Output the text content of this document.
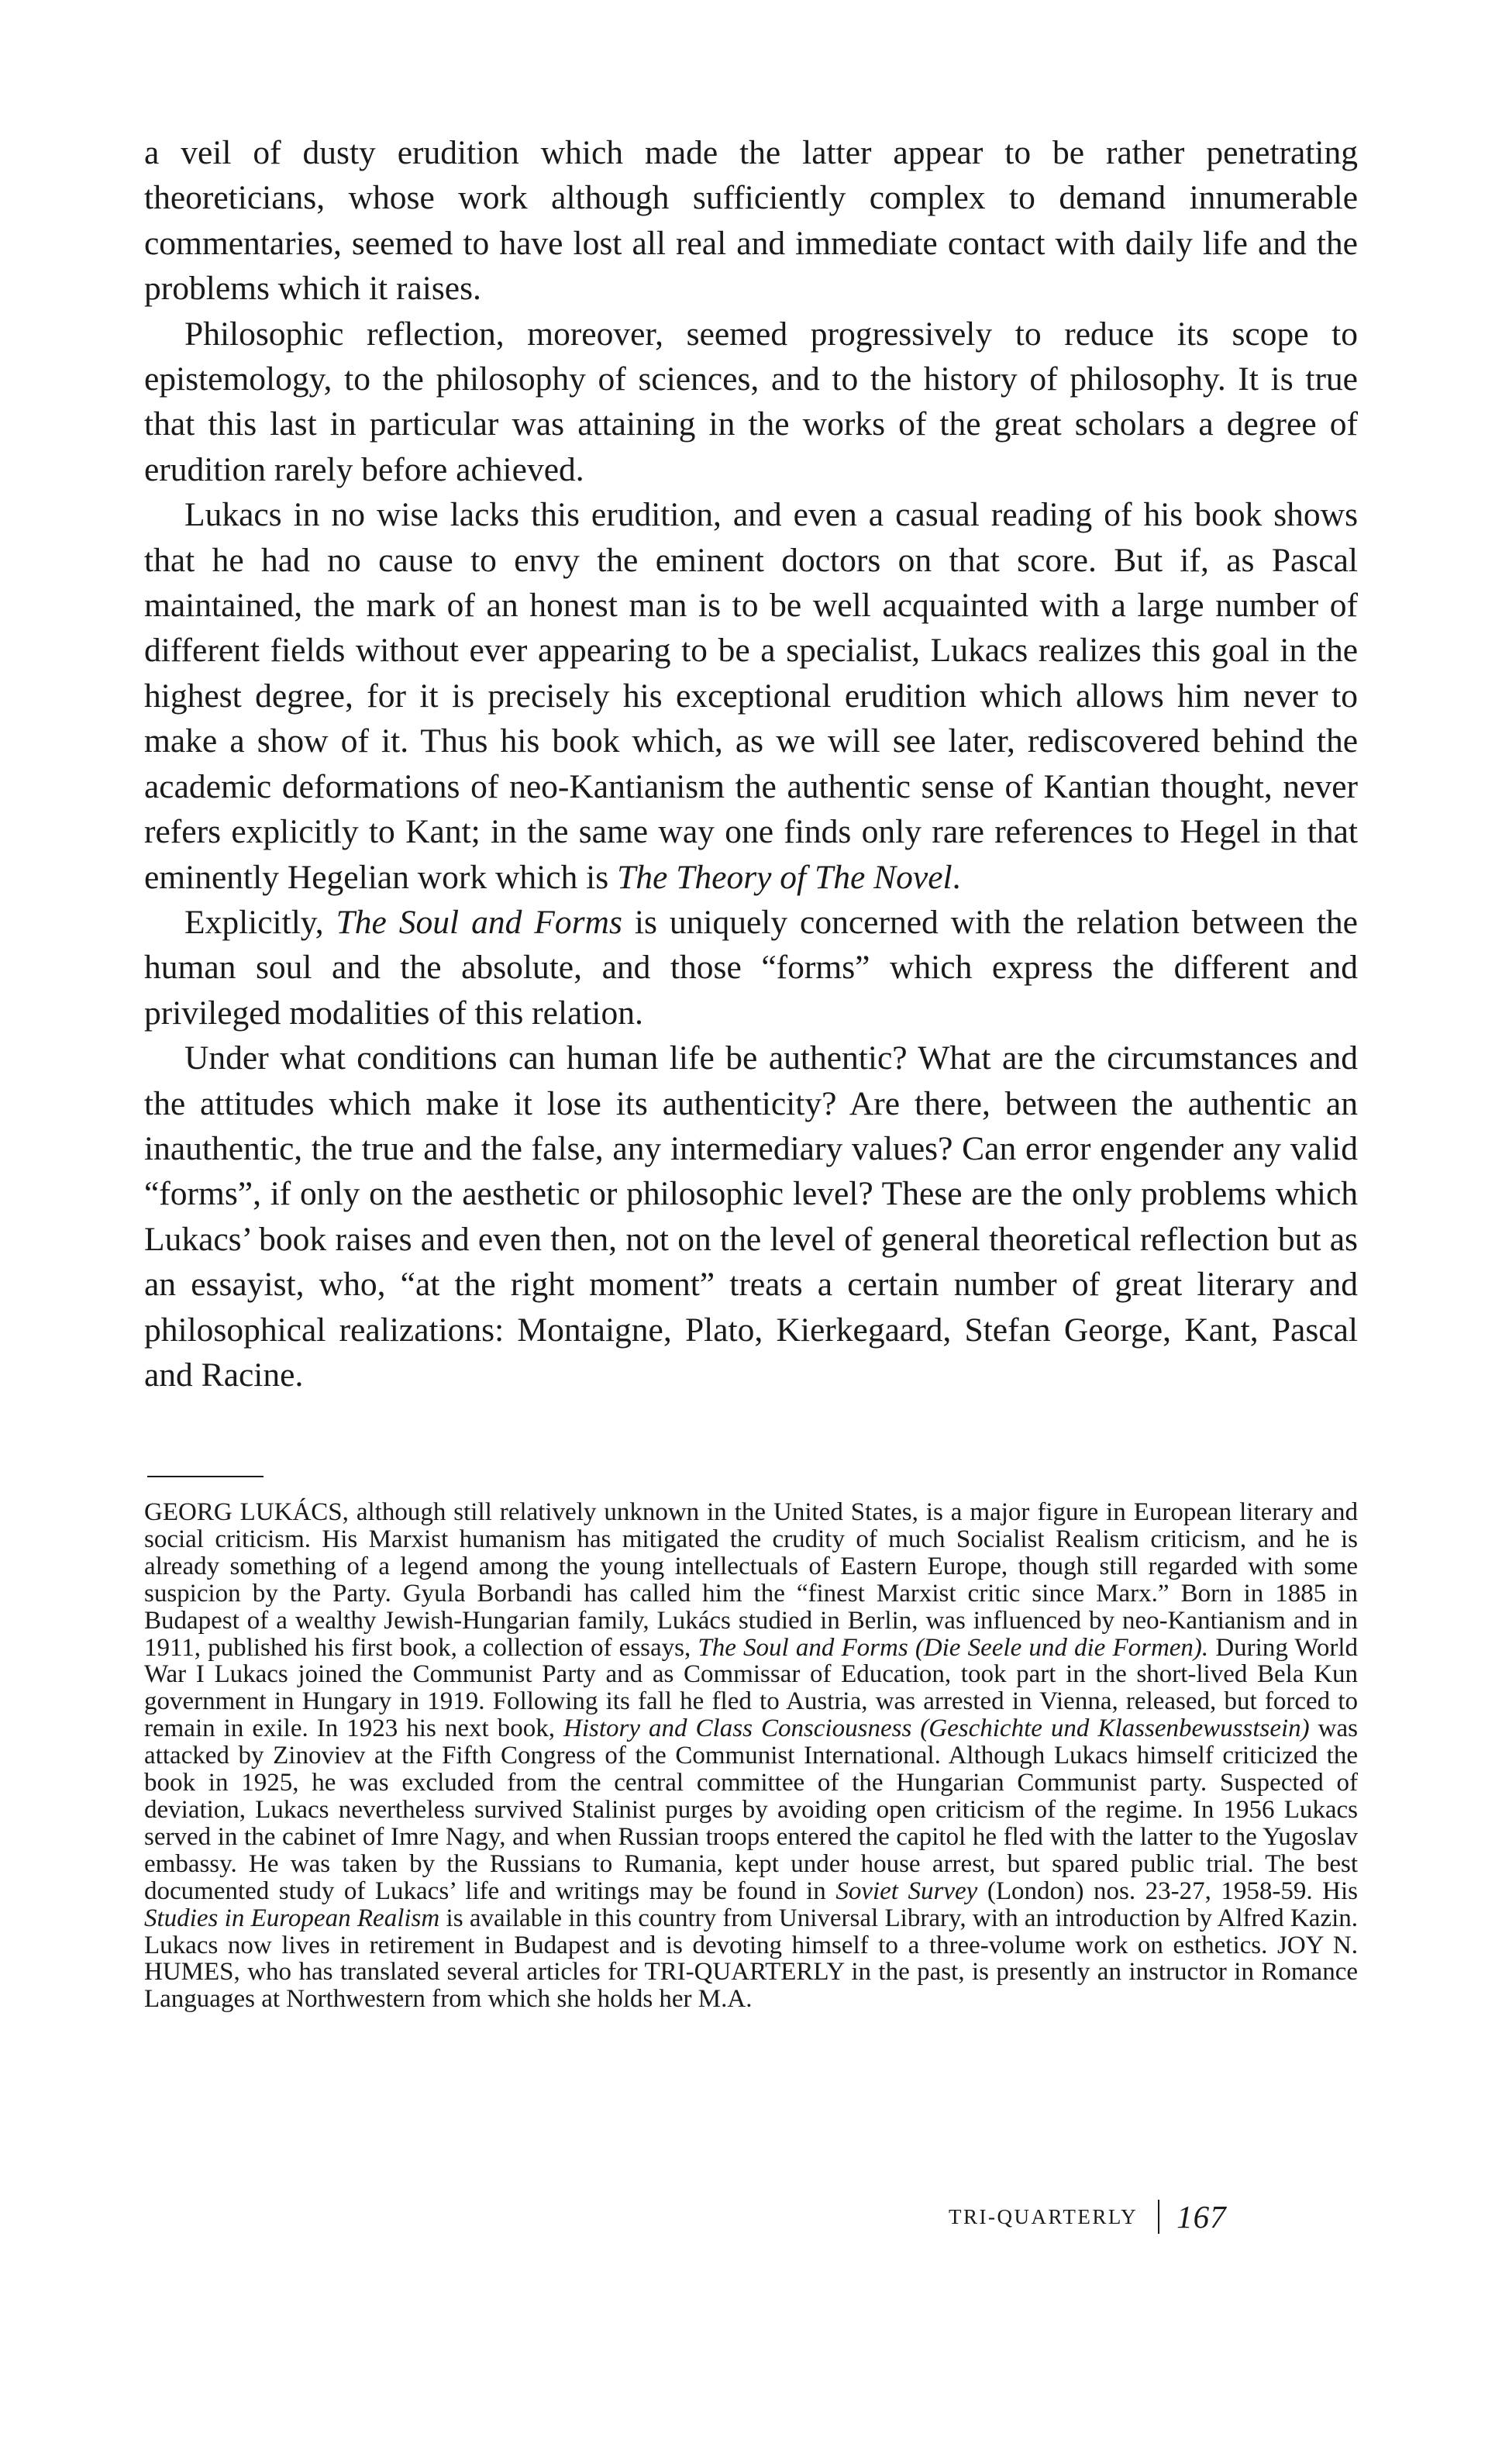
a veil of dusty erudition which made the latter appear to be rather penetrating theoreticians, whose work although sufficiently complex to demand innumerable commentaries, seemed to have lost all real and immediate contact with daily life and the problems which it raises.

Philosophic reflection, moreover, seemed progressively to reduce its scope to epistemology, to the philosophy of sciences, and to the history of philosophy. It is true that this last in particular was attaining in the works of the great scholars a degree of erudition rarely before achieved.

Lukacs in no wise lacks this erudition, and even a casual reading of his book shows that he had no cause to envy the eminent doctors on that score. But if, as Pascal maintained, the mark of an honest man is to be well acquainted with a large number of different fields without ever appearing to be a specialist, Lukacs realizes this goal in the highest degree, for it is precisely his exceptional erudition which allows him never to make a show of it. Thus his book which, as we will see later, rediscovered behind the academic deformations of neo-Kantianism the authentic sense of Kantian thought, never refers explicitly to Kant; in the same way one finds only rare references to Hegel in that eminently Hegelian work which is The Theory of The Novel.

Explicitly, The Soul and Forms is uniquely concerned with the relation between the human soul and the absolute, and those “forms” which express the different and privileged modalities of this relation.

Under what conditions can human life be authentic? What are the circumstances and the attitudes which make it lose its authenticity? Are there, between the authentic an inauthentic, the true and the false, any intermediary values? Can error engender any valid “forms”, if only on the aesthetic or philosophic level? These are the only problems which Lukacs’ book raises and even then, not on the level of general theoretical reflection but as an essayist, who, “at the right moment” treats a certain number of great literary and philosophical realizations: Montaigne, Plato, Kierkegaard, Stefan George, Kant, Pascal and Racine.

GEORG LUKÁCS, although still relatively unknown in the United States, is a major figure in European literary and social criticism. His Marxist humanism has mitigated the crudity of much Socialist Realism criticism, and he is already something of a legend among the young intellectuals of Eastern Europe, though still regarded with some suspicion by the Party. Gyula Borbandi has called him the “finest Marxist critic since Marx.” Born in 1885 in Budapest of a wealthy Jewish-Hungarian family, Lukács studied in Berlin, was influenced by neo-Kantianism and in 1911, published his first book, a collection of essays, The Soul and Forms (Die Seele und die Formen). During World War I Lukacs joined the Communist Party and as Commissar of Education, took part in the short-lived Bela Kun government in Hungary in 1919. Following its fall he fled to Austria, was arrested in Vienna, released, but forced to remain in exile. In 1923 his next book, History and Class Consciousness (Geschichte und Klassenbewusstsein) was attacked by Zinoviev at the Fifth Congress of the Communist International. Although Lukacs himself criticized the book in 1925, he was excluded from the central committee of the Hungarian Communist party. Suspected of deviation, Lukacs nevertheless survived Stalinist purges by avoiding open criticism of the regime. In 1956 Lukacs served in the cabinet of Imre Nagy, and when Russian troops entered the capitol he fled with the latter to the Yugoslav embassy. He was taken by the Russians to Rumania, kept under house arrest, but spared public trial. The best documented study of Lukacs’ life and writings may be found in Soviet Survey (London) nos. 23-27, 1958-59. His Studies in European Realism is available in this country from Universal Library, with an introduction by Alfred Kazin. Lukacs now lives in retirement in Budapest and is devoting himself to a three-volume work on esthetics. JOY N. HUMES, who has translated several articles for TRI-QUARTERLY in the past, is presently an instructor in Romance Languages at Northwestern from which she holds her M.A.

TRI-QUARTERLY 167
